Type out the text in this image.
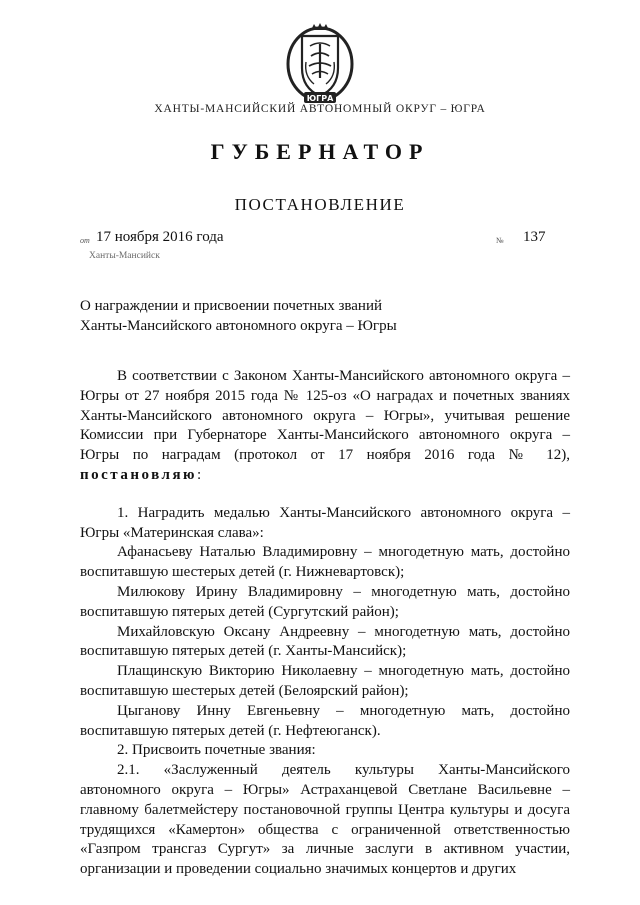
ЮГРА
ХАНТЫ-МАНСИЙСКИЙ АВТОНОМНЫЙ ОКРУГ – ЮГРА
ГУБЕРНАТОР
ПОСТАНОВЛЕНИЕ
от 17 ноября 2016 года	№ 137
Ханты-Мансийск
О награждении и присвоении почетных званий
Ханты-Мансийского автономного округа – Югры

В соответствии с Законом Ханты-Мансийского автономного округа – Югры от 27 ноября 2015 года № 125-оз «О наградах и почетных званиях Ханты-Мансийского автономного округа – Югры», учитывая решение Комиссии при Губернаторе Ханты-Мансийского автономного округа – Югры по наградам (протокол от 17 ноября 2016 года № 12), постановляю:

1. Наградить медалью Ханты-Мансийского автономного округа – Югры «Материнская слава»:

Афанасьеву Наталью Владимировну – многодетную мать, достойно воспитавшую шестерых детей (г. Нижневартовск);

Милюкову Ирину Владимировну – многодетную мать, достойно воспитавшую пятерых детей (Сургутский район);

Михайловскую Оксану Андреевну – многодетную мать, достойно воспитавшую пятерых детей (г. Ханты-Мансийск);

Плащинскую Викторию Николаевну – многодетную мать, достойно воспитавшую шестерых детей (Белоярский район);

Цыганову Инну Евгеньевну – многодетную мать, достойно воспитавшую пятерых детей (г. Нефтеюганск).

2. Присвоить почетные звания:

2.1. «Заслуженный деятель культуры Ханты-Мансийского автономного округа – Югры» Астраханцевой Светлане Васильевне – главному балетмейстеру постановочной группы Центра культуры и досуга трудящихся «Камертон» общества с ограниченной ответственностью «Газпром трансгаз Сургут» за личные заслуги в активном участии, организации и проведении социально значимых концертов и других
